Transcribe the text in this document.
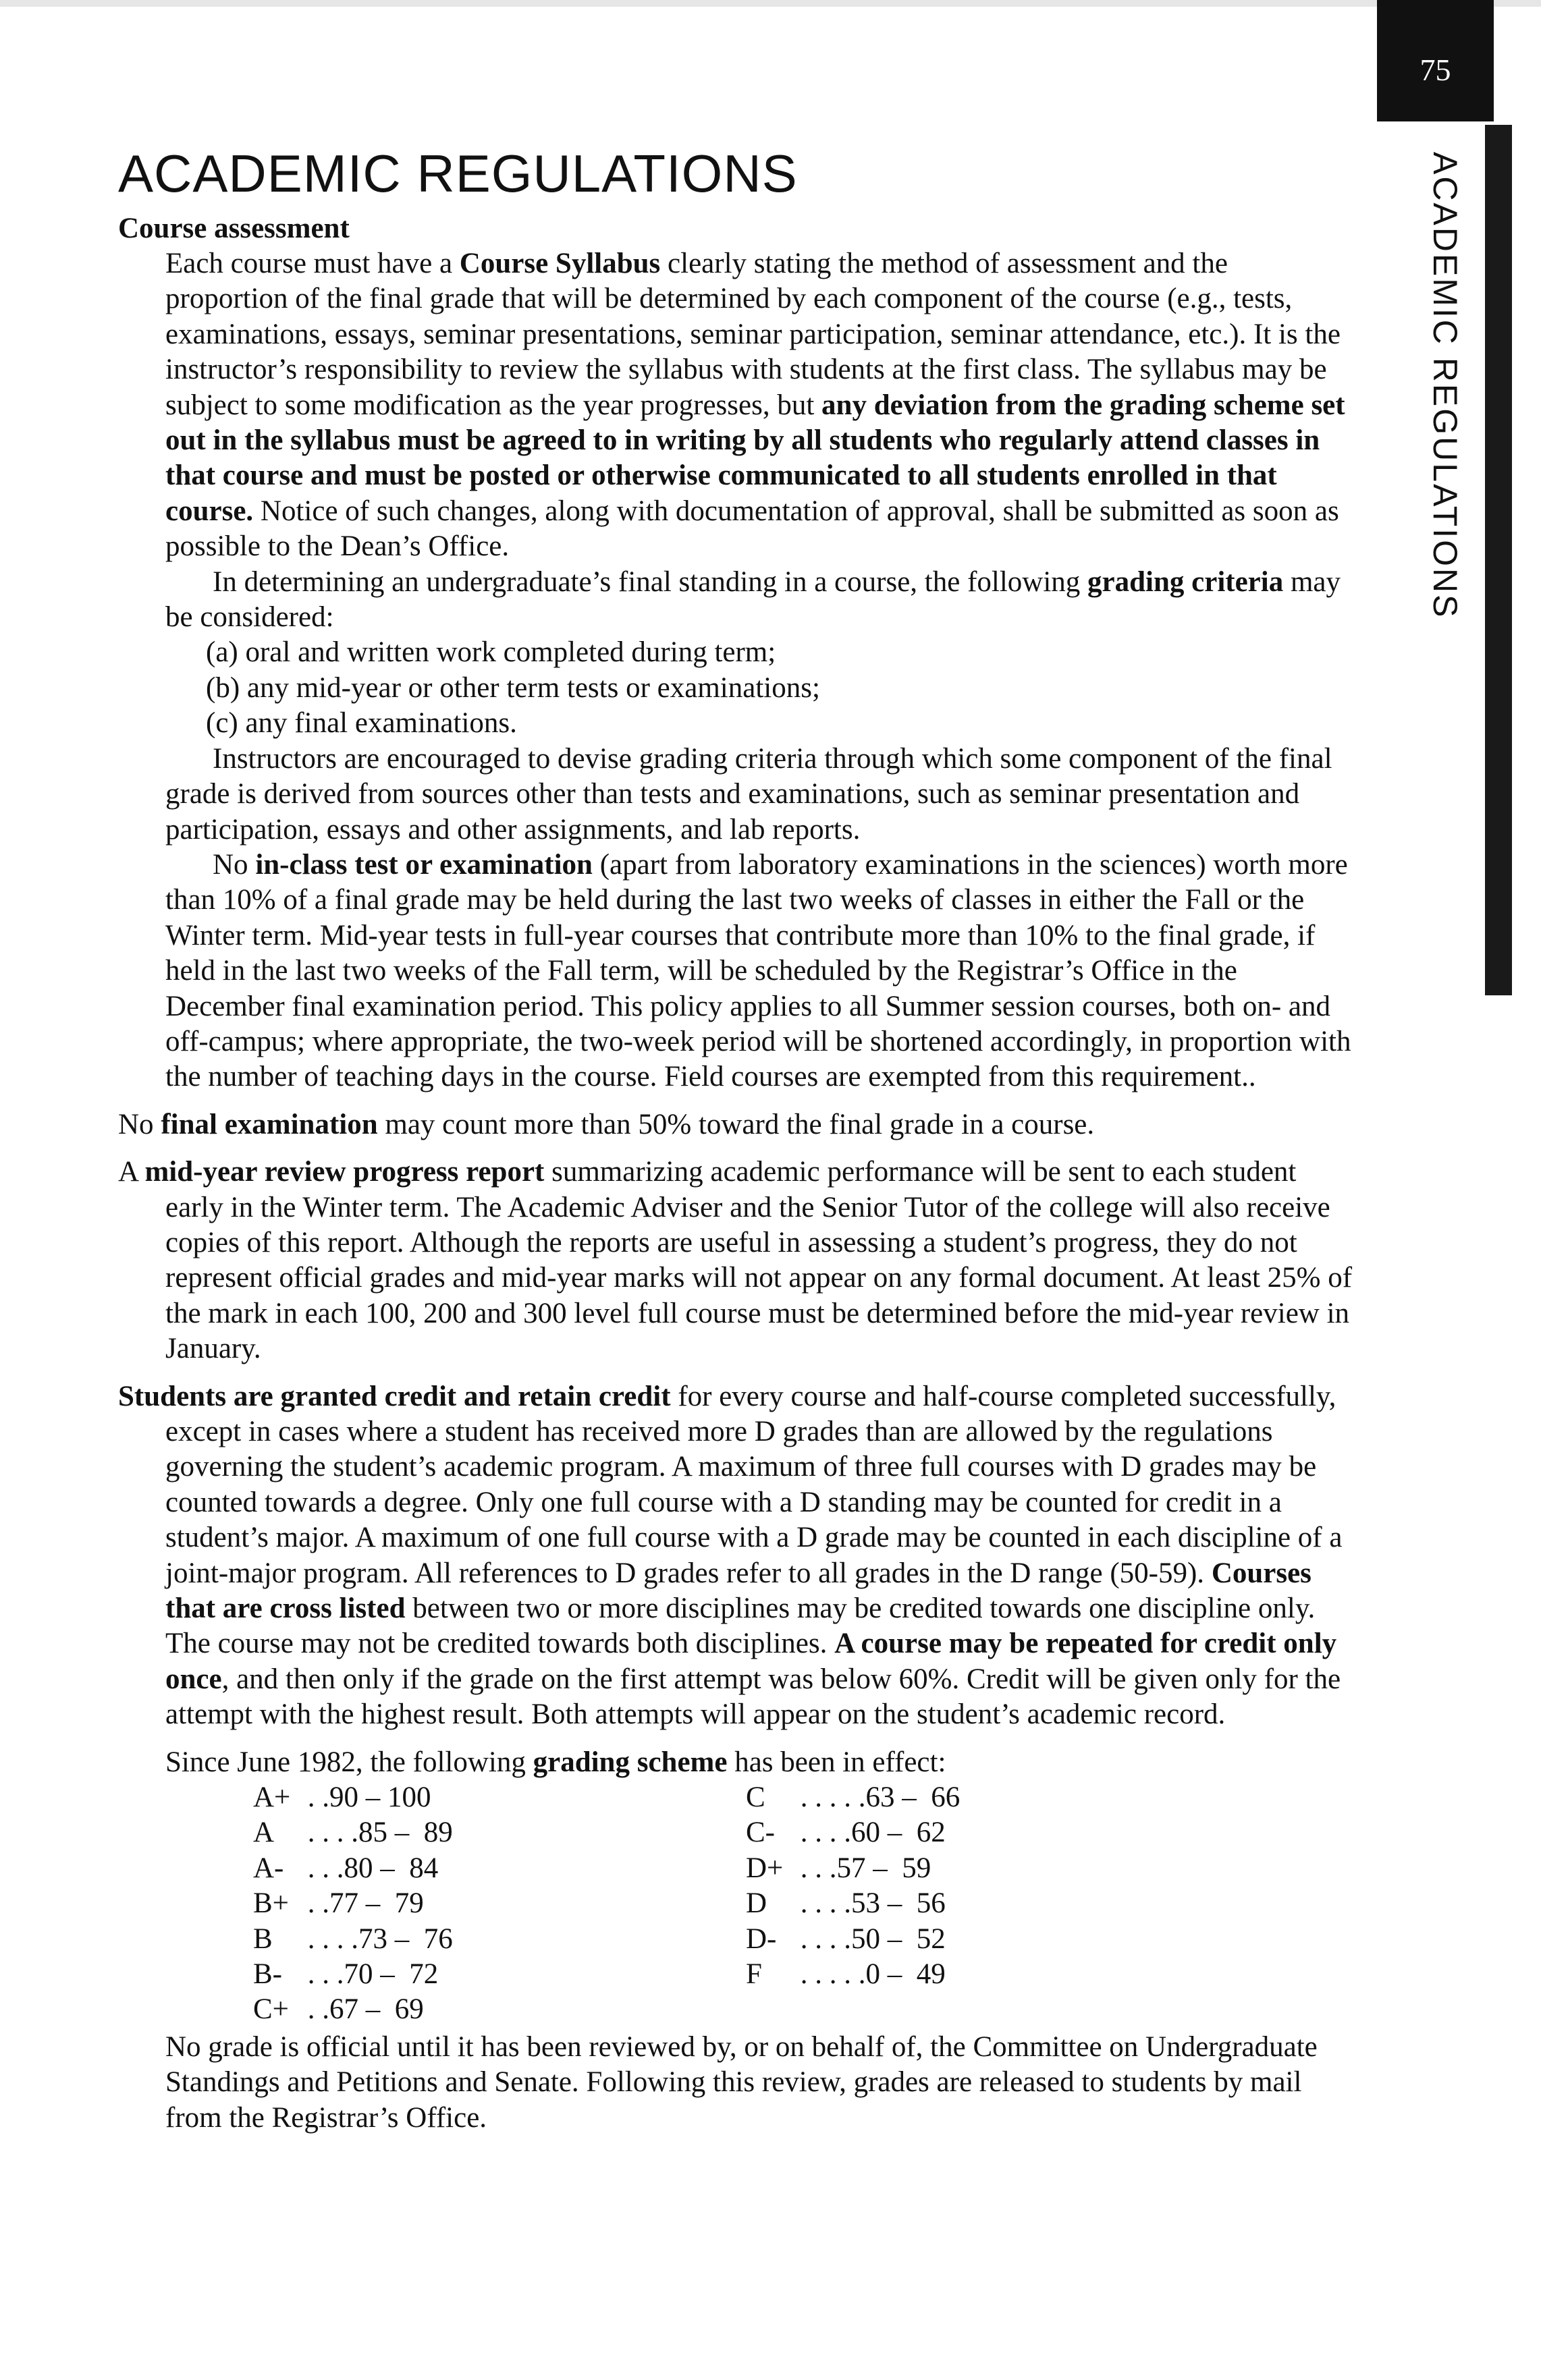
75
ACADEMIC REGULATIONS
ACADEMIC REGULATIONS
Course assessment

Each course must have a Course Syllabus clearly stating the method of assessment and the proportion of the final grade that will be determined by each component of the course (e.g., tests, examinations, essays, seminar presentations, seminar participation, seminar attendance, etc.). It is the instructor’s responsibility to review the syllabus with students at the first class. The syllabus may be subject to some modification as the year progresses, but any deviation from the grading scheme set out in the syllabus must be agreed to in writing by all students who regularly attend classes in that course and must be posted or otherwise communicated to all students enrolled in that course. Notice of such changes, along with documentation of approval, shall be submitted as soon as possible to the Dean’s Office.

In determining an undergraduate’s final standing in a course, the following grading criteria may be considered:

(a) oral and written work completed during term;

(b) any mid-year or other term tests or examinations;

(c) any final examinations.

Instructors are encouraged to devise grading criteria through which some component of the final grade is derived from sources other than tests and examinations, such as seminar presentation and participation, essays and other assignments, and lab reports.

No in-class test or examination (apart from laboratory examinations in the sciences) worth more than 10% of a final grade may be held during the last two weeks of classes in either the Fall or the Winter term. Mid-year tests in full-year courses that contribute more than 10% to the final grade, if held in the last two weeks of the Fall term, will be scheduled by the Registrar’s Office in the December final examination period. This policy applies to all Summer session courses, both on- and off-campus; where appropriate, the two-week period will be shortened accordingly, in proportion with the number of teaching days in the course. Field courses are exempted from this requirement..

No final examination may count more than 50% toward the final grade in a course.

A mid-year review progress report summarizing academic performance will be sent to each student early in the Winter term. The Academic Adviser and the Senior Tutor of the college will also receive copies of this report. Although the reports are useful in assessing a student’s progress, they do not represent official grades and mid-year marks will not appear on any formal document. At least 25% of the mark in each 100, 200 and 300 level full course must be determined before the mid-year review in January.

Students are granted credit and retain credit for every course and half-course completed successfully, except in cases where a student has received more D grades than are allowed by the regulations governing the student’s academic program. A maximum of three full courses with D grades may be counted towards a degree. Only one full course with a D standing may be counted for credit in a student’s major. A maximum of one full course with a D grade may be counted in each discipline of a joint-major program. All references to D grades refer to all grades in the D range (50-59). Courses that are cross listed between two or more disciplines may be credited towards one discipline only. The course may not be credited towards both disciplines. A course may be repeated for credit only once, and then only if the grade on the first attempt was below 60%. Credit will be given only for the attempt with the highest result. Both attempts will appear on the student’s academic record.

Since June 1982, the following grading scheme has been in effect:

A+ . .90 – 100
A . . . .85 –  89
A- . . .80 –  84
B+ . .77 –  79
B . . . .73 –  76
B- . . .70 –  72
C+ . .67 –  69
C . . . . .63 –  66
C- . . . .60 –  62
D+ . . .57 –  59
D . . . .53 –  56
D- . . . .50 –  52
F . . . . .0 –  49

No grade is official until it has been reviewed by, or on behalf of, the Committee on Undergraduate Standings and Petitions and Senate. Following this review, grades are released to students by mail from the Registrar’s Office.
